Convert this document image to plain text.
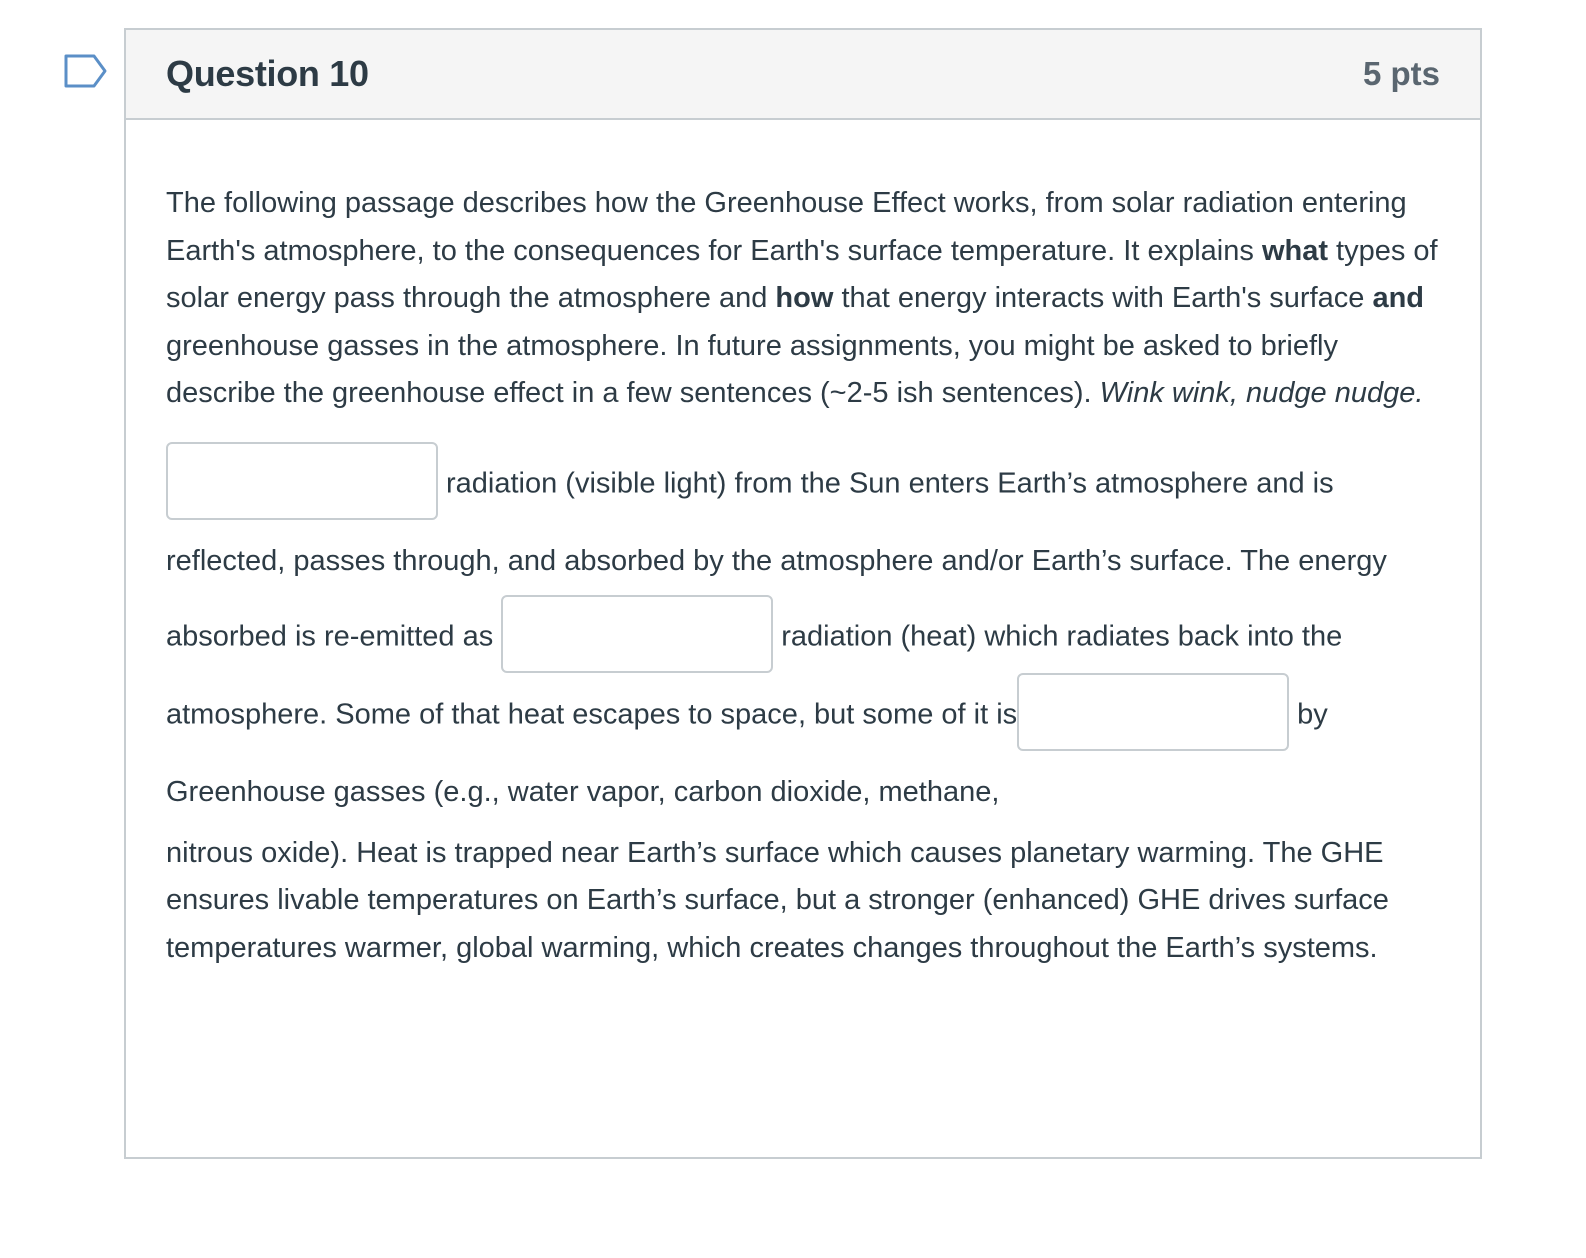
Question 10	5 pts

The following passage describes how the Greenhouse Effect works, from solar radiation entering Earth's atmosphere, to the consequences for Earth's surface temperature. It explains what types of solar energy pass through the atmosphere and how that energy interacts with Earth's surface and greenhouse gasses in the atmosphere. In future assignments, you might be asked to briefly describe the greenhouse effect in a few sentences (~2-5 ish sentences). Wink wink, nudge nudge.

radiation (visible light) from the Sun enters Earth’s atmosphere and is reflected, passes through, and absorbed by the atmosphere and/or Earth’s surface. The energy absorbed is re-emitted as	radiation (heat) which radiates back into the atmosphere. Some of that heat escapes to space, but some of it is	by Greenhouse gasses (e.g., water vapor, carbon dioxide, methane,

nitrous oxide). Heat is trapped near Earth’s surface which causes planetary warming. The GHE ensures livable temperatures on Earth’s surface, but a stronger (enhanced) GHE drives surface temperatures warmer, global warming, which creates changes throughout the Earth’s systems.
